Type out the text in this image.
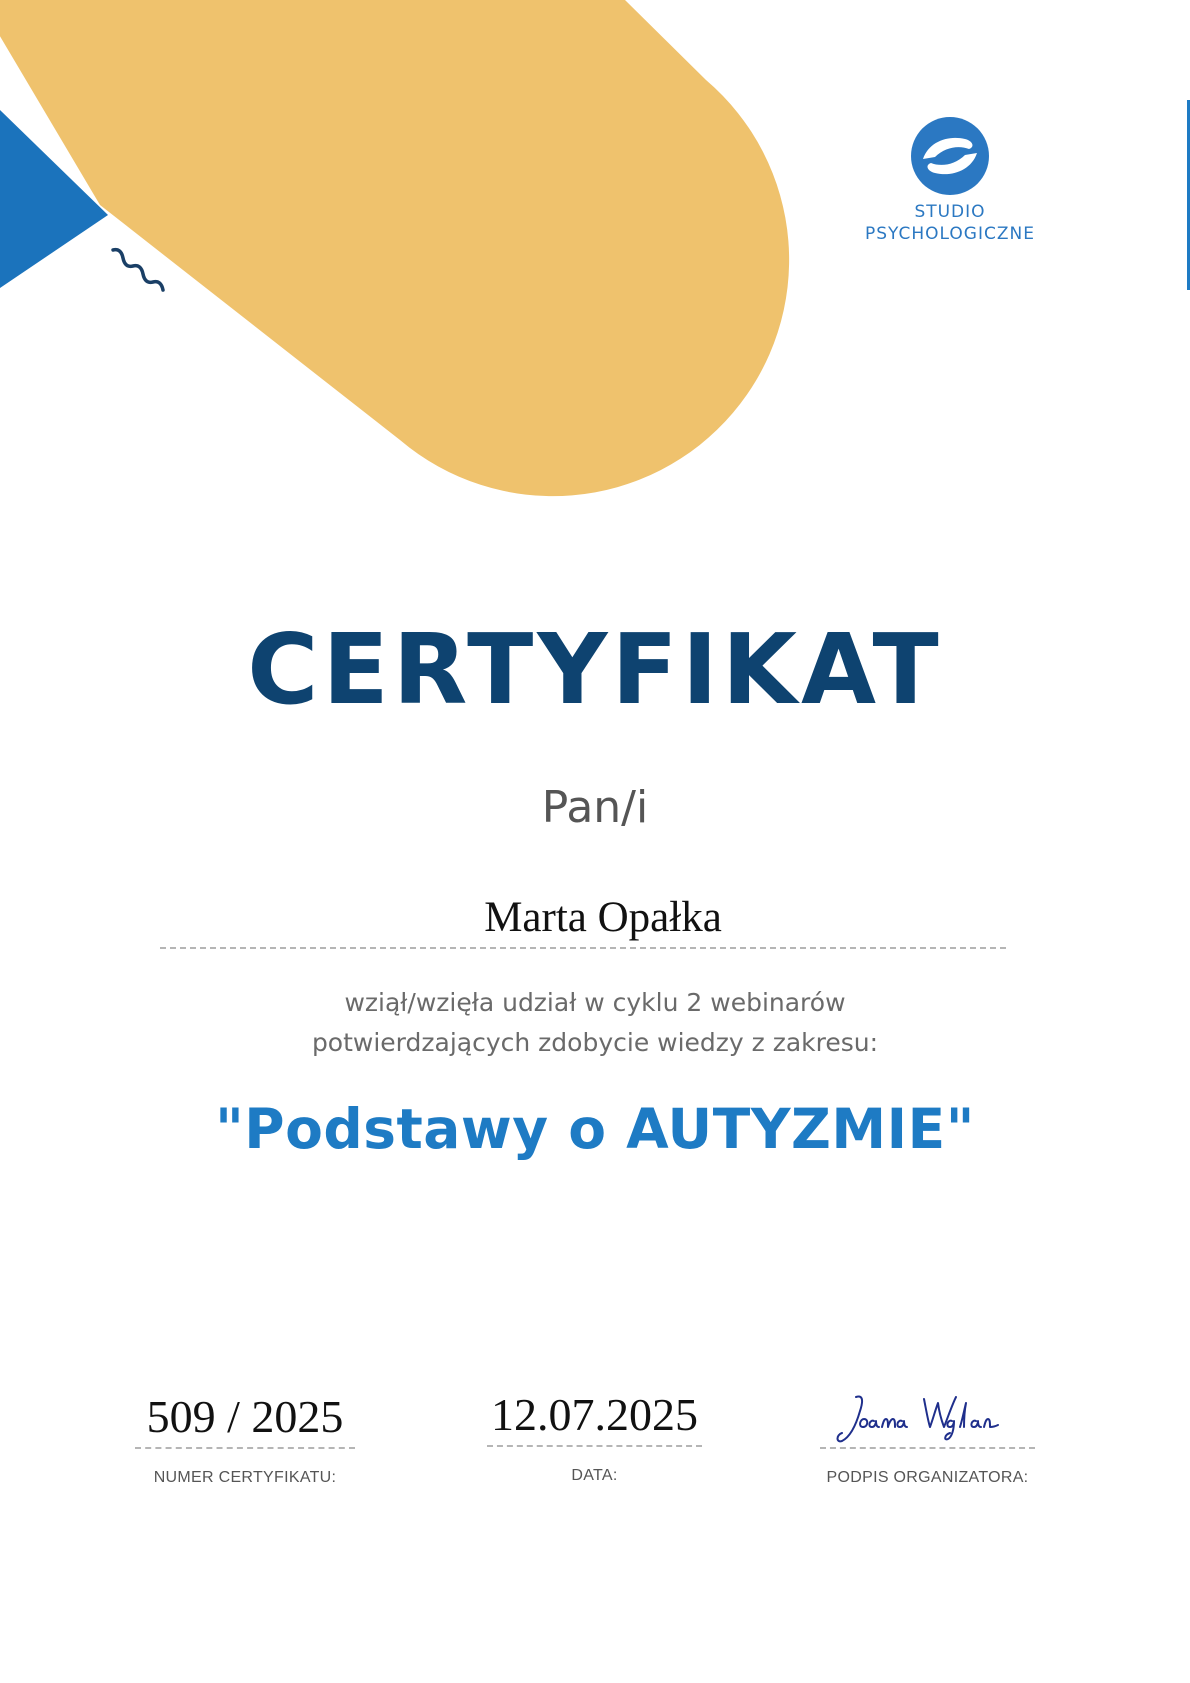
STUDIO
PSYCHOLOGICZNE
CERTYFIKAT
Pan/i
Marta Opałka
wziął/wzięła udział w cyklu 2 webinarów
potwierdzających zdobycie wiedzy z zakresu:
"Podstawy o AUTYZMIE"
509 / 2025
NUMER CERTYFIKATU:
12.07.2025
DATA:	PODPIS ORGANIZATORA:
